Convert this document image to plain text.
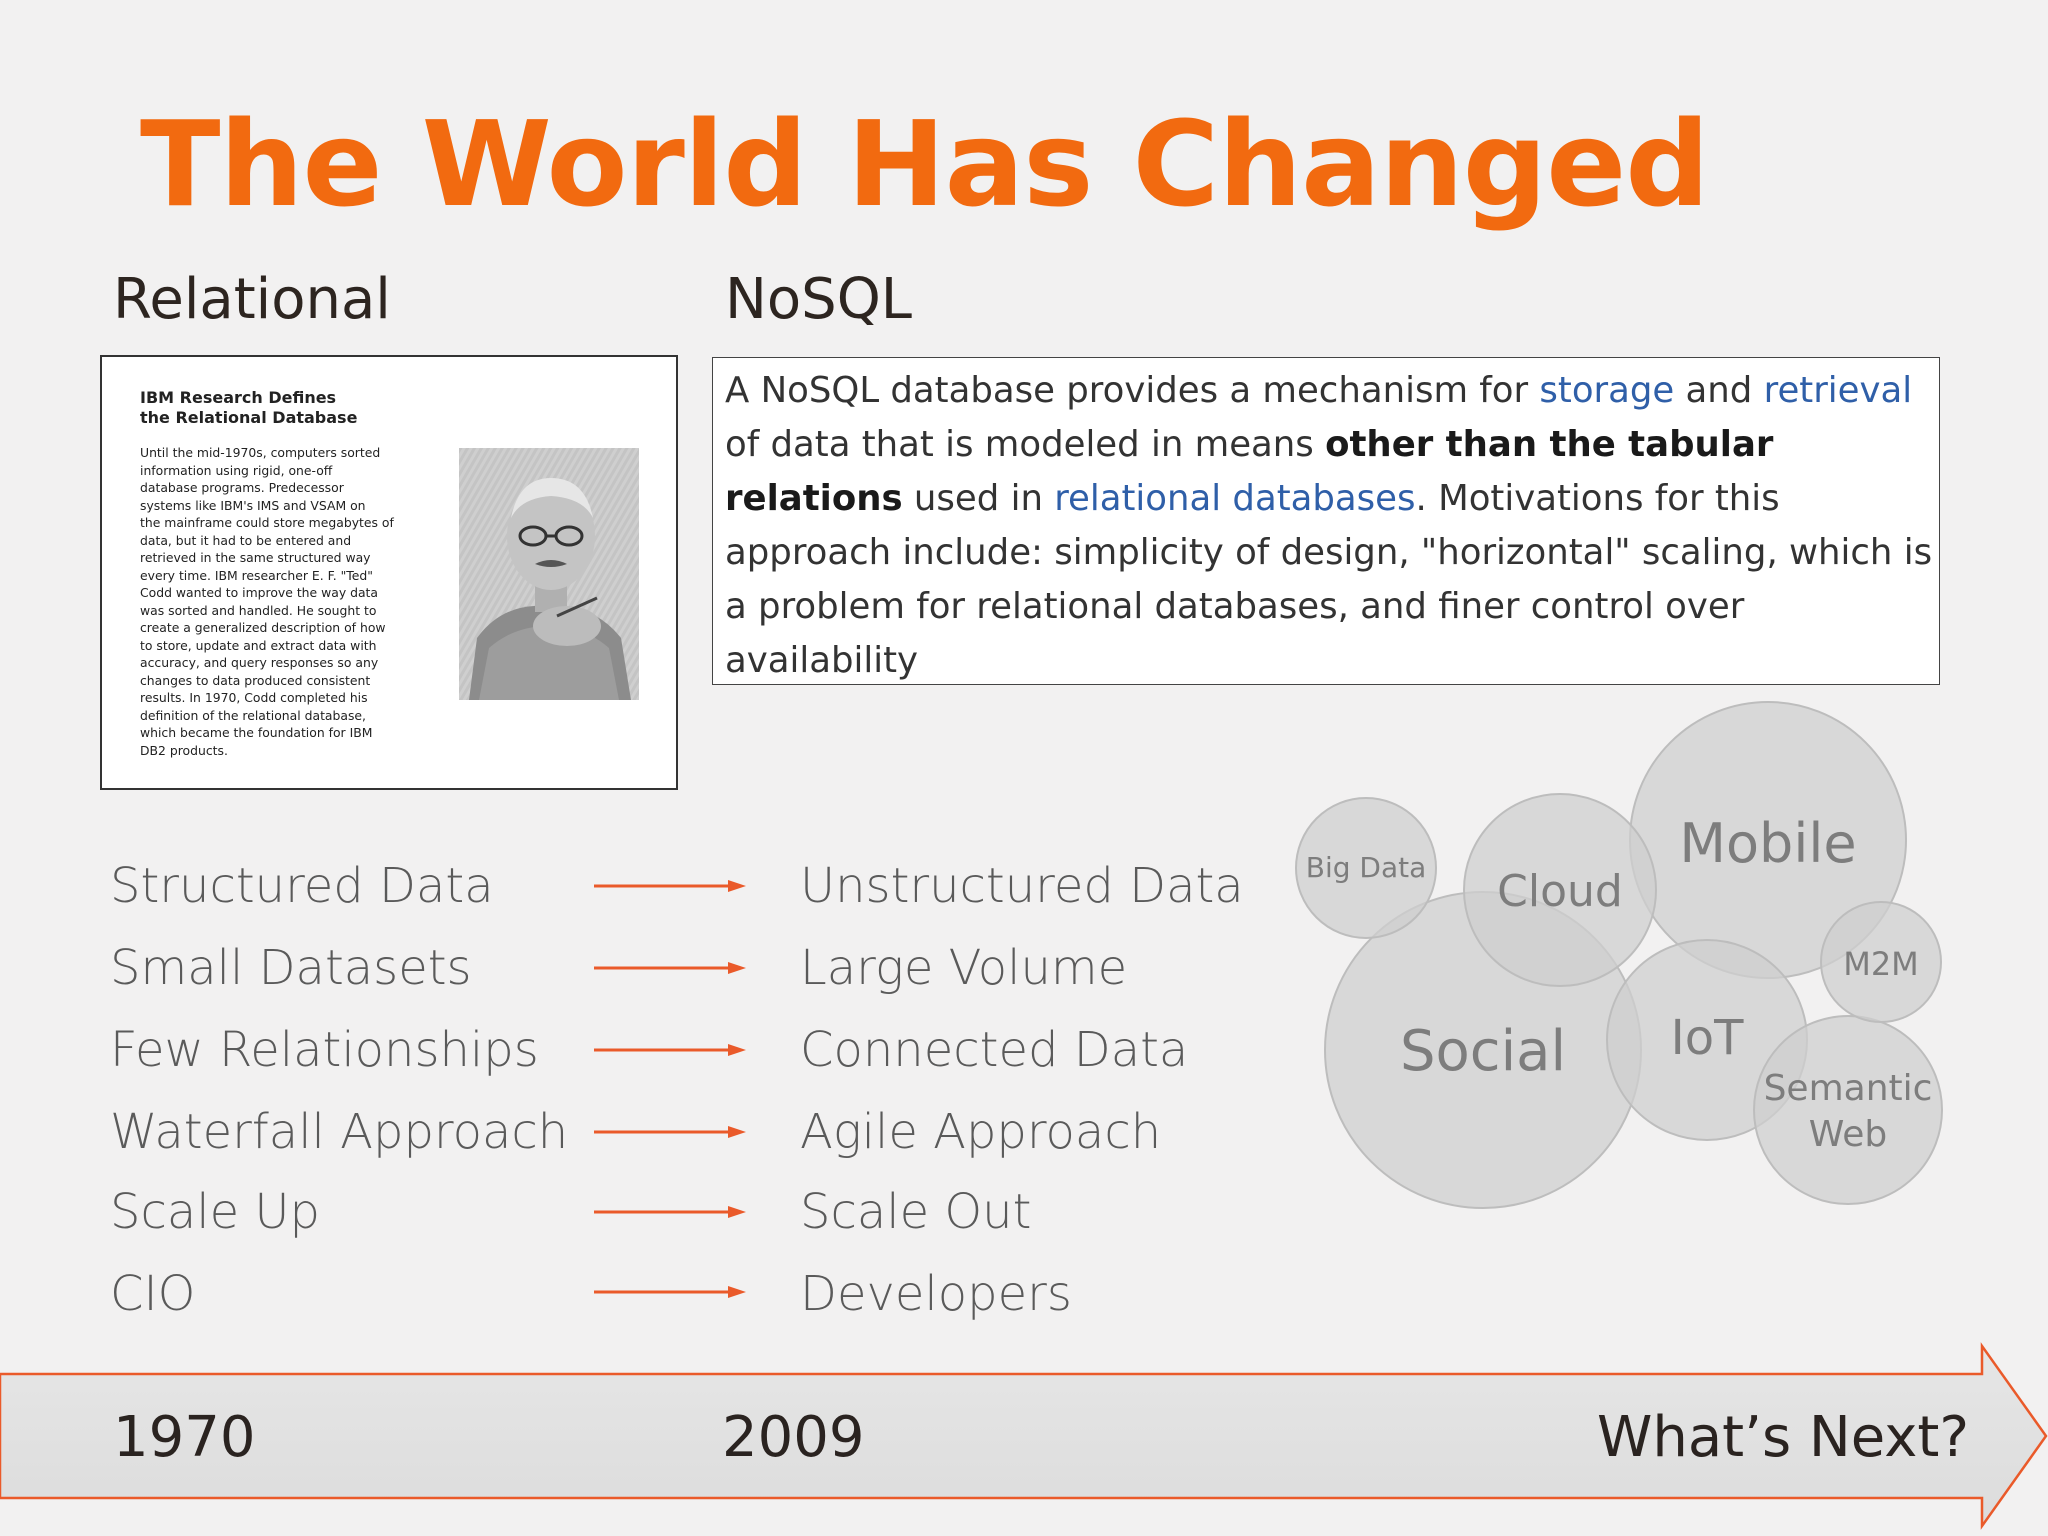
The World Has Changed
Relational	NoSQL
IBM Research Defines
the Relational Database
Until the mid-1970s, computers sorted
information using rigid, one-off
database programs. Predecessor
systems like IBM's IMS and VSAM on
the mainframe could store megabytes of
data, but it had to be entered and
retrieved in the same structured way
every time. IBM researcher E. F. "Ted"
Codd wanted to improve the way data
was sorted and handled. He sought to
create a generalized description of how
to store, update and extract data with
accuracy, and query responses so any
changes to data produced consistent
results. In 1970, Codd completed his
definition of the relational database,
which became the foundation for IBM
DB2 products.
A NoSQL database provides a mechanism for storage and retrieval of data that is modeled in means other than the tabular relations used in relational databases. Motivations for this approach include: simplicity of design, "horizontal" scaling, which is a problem for relational databases, and finer control over availability
Structured Data	Unstructured Data
Small Datasets	Large Volume
Few Relationships	Connected Data
Waterfall Approach	Agile Approach
Scale Up	Scale Out
CIO	Developers
Social
Mobile
Cloud
IoT
Semantic
Web
Big Data
M2M
1970	2009	What’s Next?
